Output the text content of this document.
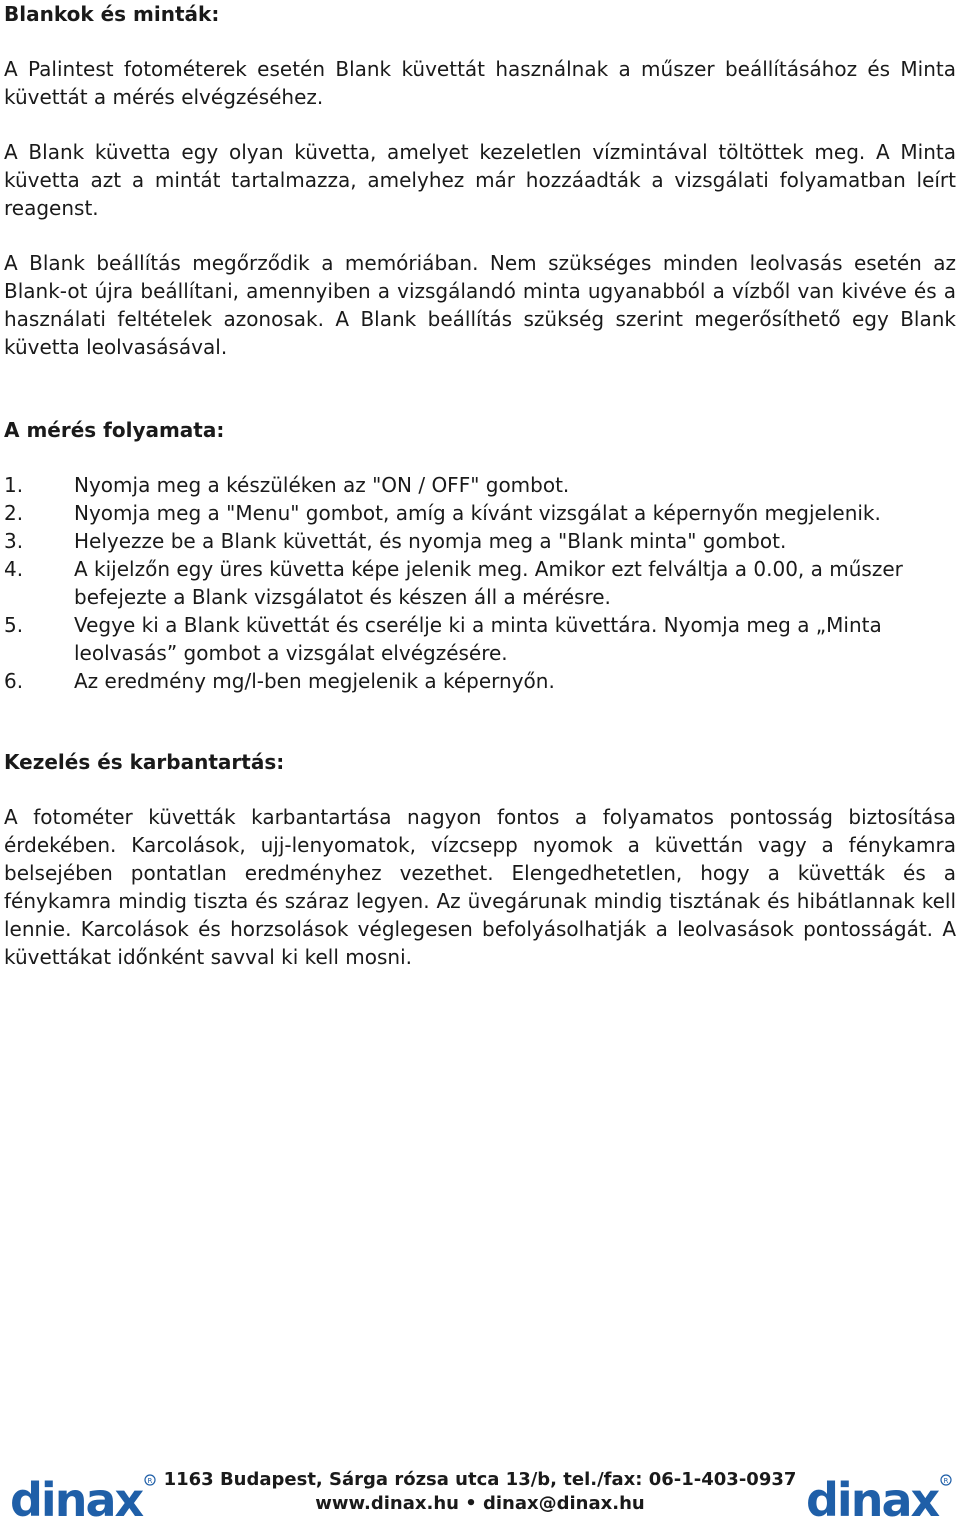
Blankok és minták:

A Palintest fotométerek esetén Blank küvettát használnak a műszer beállításához és Minta küvettát a mérés elvégzéséhez.

A Blank küvetta egy olyan küvetta, amelyet kezeletlen vízmintával töltöttek meg. A Minta küvetta azt a mintát tartalmazza, amelyhez már hozzáadták a vizsgálati folyamatban leírt reagenst.

A Blank beállítás megőrződik a memóriában. Nem szükséges minden leolvasás esetén az Blank-ot újra beállítani, amennyiben a vizsgálandó minta ugyanabból a vízből van kivéve és a használati feltételek azonosak. A Blank beállítás szükség szerint megerősíthető egy Blank küvetta leolvasásával.

A mérés folyamata:
1.	Nyomja meg a készüléken az "ON / OFF" gombot.
2.	Nyomja meg a "Menu" gombot, amíg a kívánt vizsgálat a képernyőn megjelenik.
3.	Helyezze be a Blank küvettát, és nyomja meg a "Blank minta" gombot.
4.	A kijelzőn egy üres küvetta képe jelenik meg. Amikor ezt felváltja a 0.00, a műszer befejezte a Blank vizsgálatot és készen áll a mérésre.
5.	Vegye ki a Blank küvettát és cserélje ki a minta küvettára. Nyomja meg a „Minta leolvasás” gombot a vizsgálat elvégzésére.
6.	Az eredmény mg/l-ben megjelenik a képernyőn.
Kezelés és karbantartás:

A fotométer küvetták karbantartása nagyon fontos a folyamatos pontosság biztosítása érdekében. Karcolások, ujj-lenyomatok, vízcsepp nyomok a küvettán vagy a fénykamra belsejében pontatlan eredményhez vezethet. Elengedhetetlen, hogy a küvetták és a fénykamra mindig tiszta és száraz legyen. Az üvegárunak mindig tisztának és hibátlannak kell lennie. Karcolások és horzsolások véglegesen befolyásolhatják a leolvasások pontosságát. A küvettákat időnként savval ki kell mosni.

dinax R 1163 Budapest, Sárga rózsa utca 13/b, tel./fax: 06-1-403-0937
www.dinax.hu • dinax@dinax.hu	dinax R
